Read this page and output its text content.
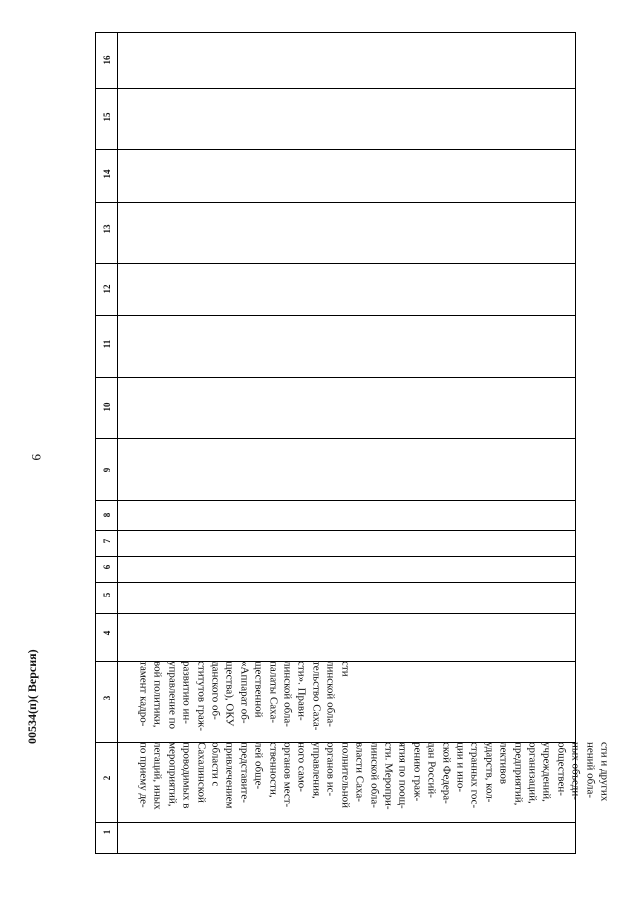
9
16
15
14
13
12
11
10
9
8
7
6
5
4
3
2
1
тамент кадро- вой политики, управление по развитию ин- ститутов граж- данского об- щества), ОКУ «Аппарат об- щественной палаты Саха- линской обла- сти». Прави- тельство Саха- линской обла- сти
по приему де- легаций, иных мероприятий, проводимых в Сахалинской области с привлечением представите- лей обще- ственности, органов мест- ного само- управления, органов ис- полнительной власти Саха- линской обла- сти. Меропри- ятия по поощ- рению граж- дан Россий- ской Федера- ции и ино- странных гос- ударств, кол- лективов предприятий, организаций, учреждений, обществен- ных объеди- нений обла- сти и других
00534(п)( Версия)
